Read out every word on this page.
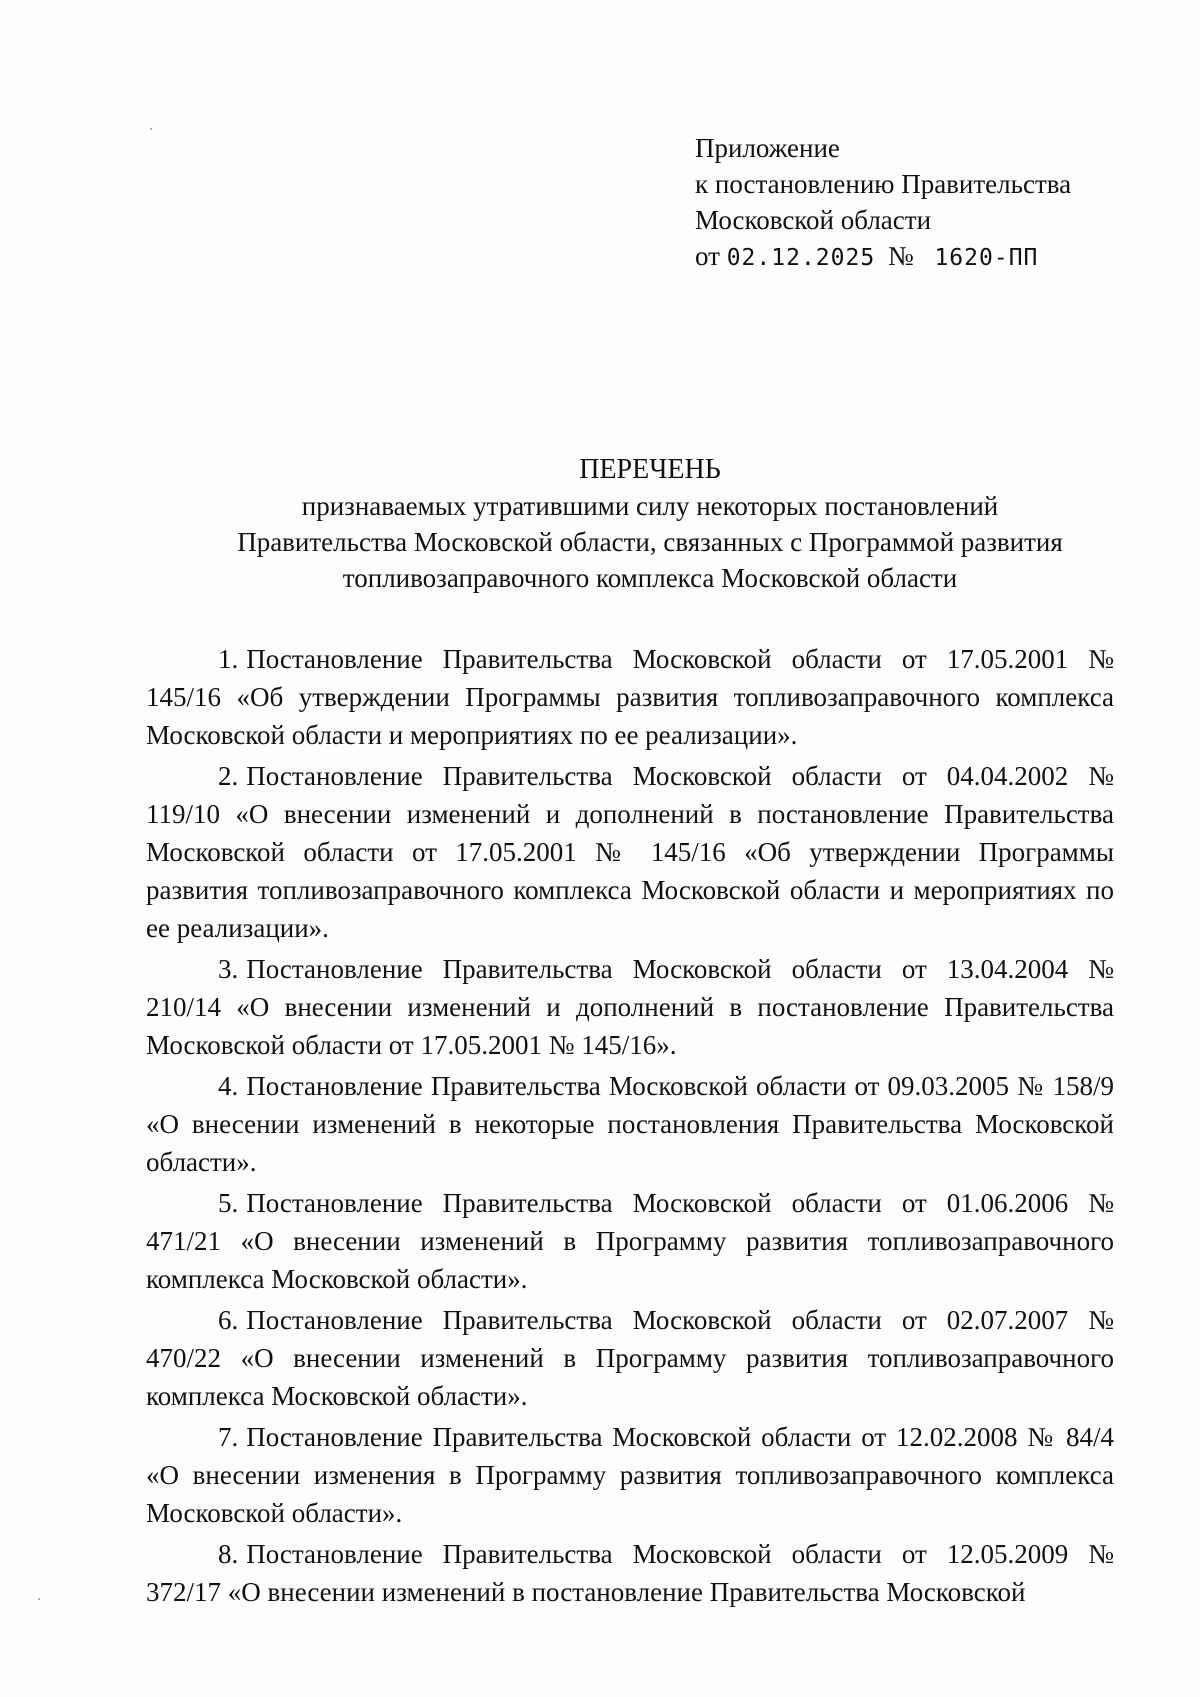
Приложение
к постановлению Правительства
Московской области
от 02.12.2025 № 1620-ПП
ПЕРЕЧЕНЬ
признаваемых утратившими силу некоторых постановлений
Правительства Московской области, связанных с Программой развития
топливозаправочного комплекса Московской области

1. Постановление Правительства Московской области от 17.05.2001 № 145/16 «Об утверждении Программы развития топливозаправочного комплекса Московской области и мероприятиях по ее реализации».

2. Постановление Правительства Московской области от 04.04.2002 № 119/10 «О внесении изменений и дополнений в постановление Правительства Московской области от 17.05.2001 № 145/16 «Об утверждении Программы развития топливозаправочного комплекса Московской области и мероприятиях по ее реализации».

3. Постановление Правительства Московской области от 13.04.2004 № 210/14 «О внесении изменений и дополнений в постановление Правительства Московской области от 17.05.2001 № 145/16».

4. Постановление Правительства Московской области от 09.03.2005 № 158/9 «О внесении изменений в некоторые постановления Правительства Московской области».

5. Постановление Правительства Московской области от 01.06.2006 № 471/21 «О внесении изменений в Программу развития топливозаправочного комплекса Московской области».

6. Постановление Правительства Московской области от 02.07.2007 № 470/22 «О внесении изменений в Программу развития топливозаправочного комплекса Московской области».

7. Постановление Правительства Московской области от 12.02.2008 № 84/4 «О внесении изменения в Программу развития топливозаправочного комплекса Московской области».

8. Постановление Правительства Московской области от 12.05.2009 № 372/17 «О внесении изменений в постановление Правительства Московской
